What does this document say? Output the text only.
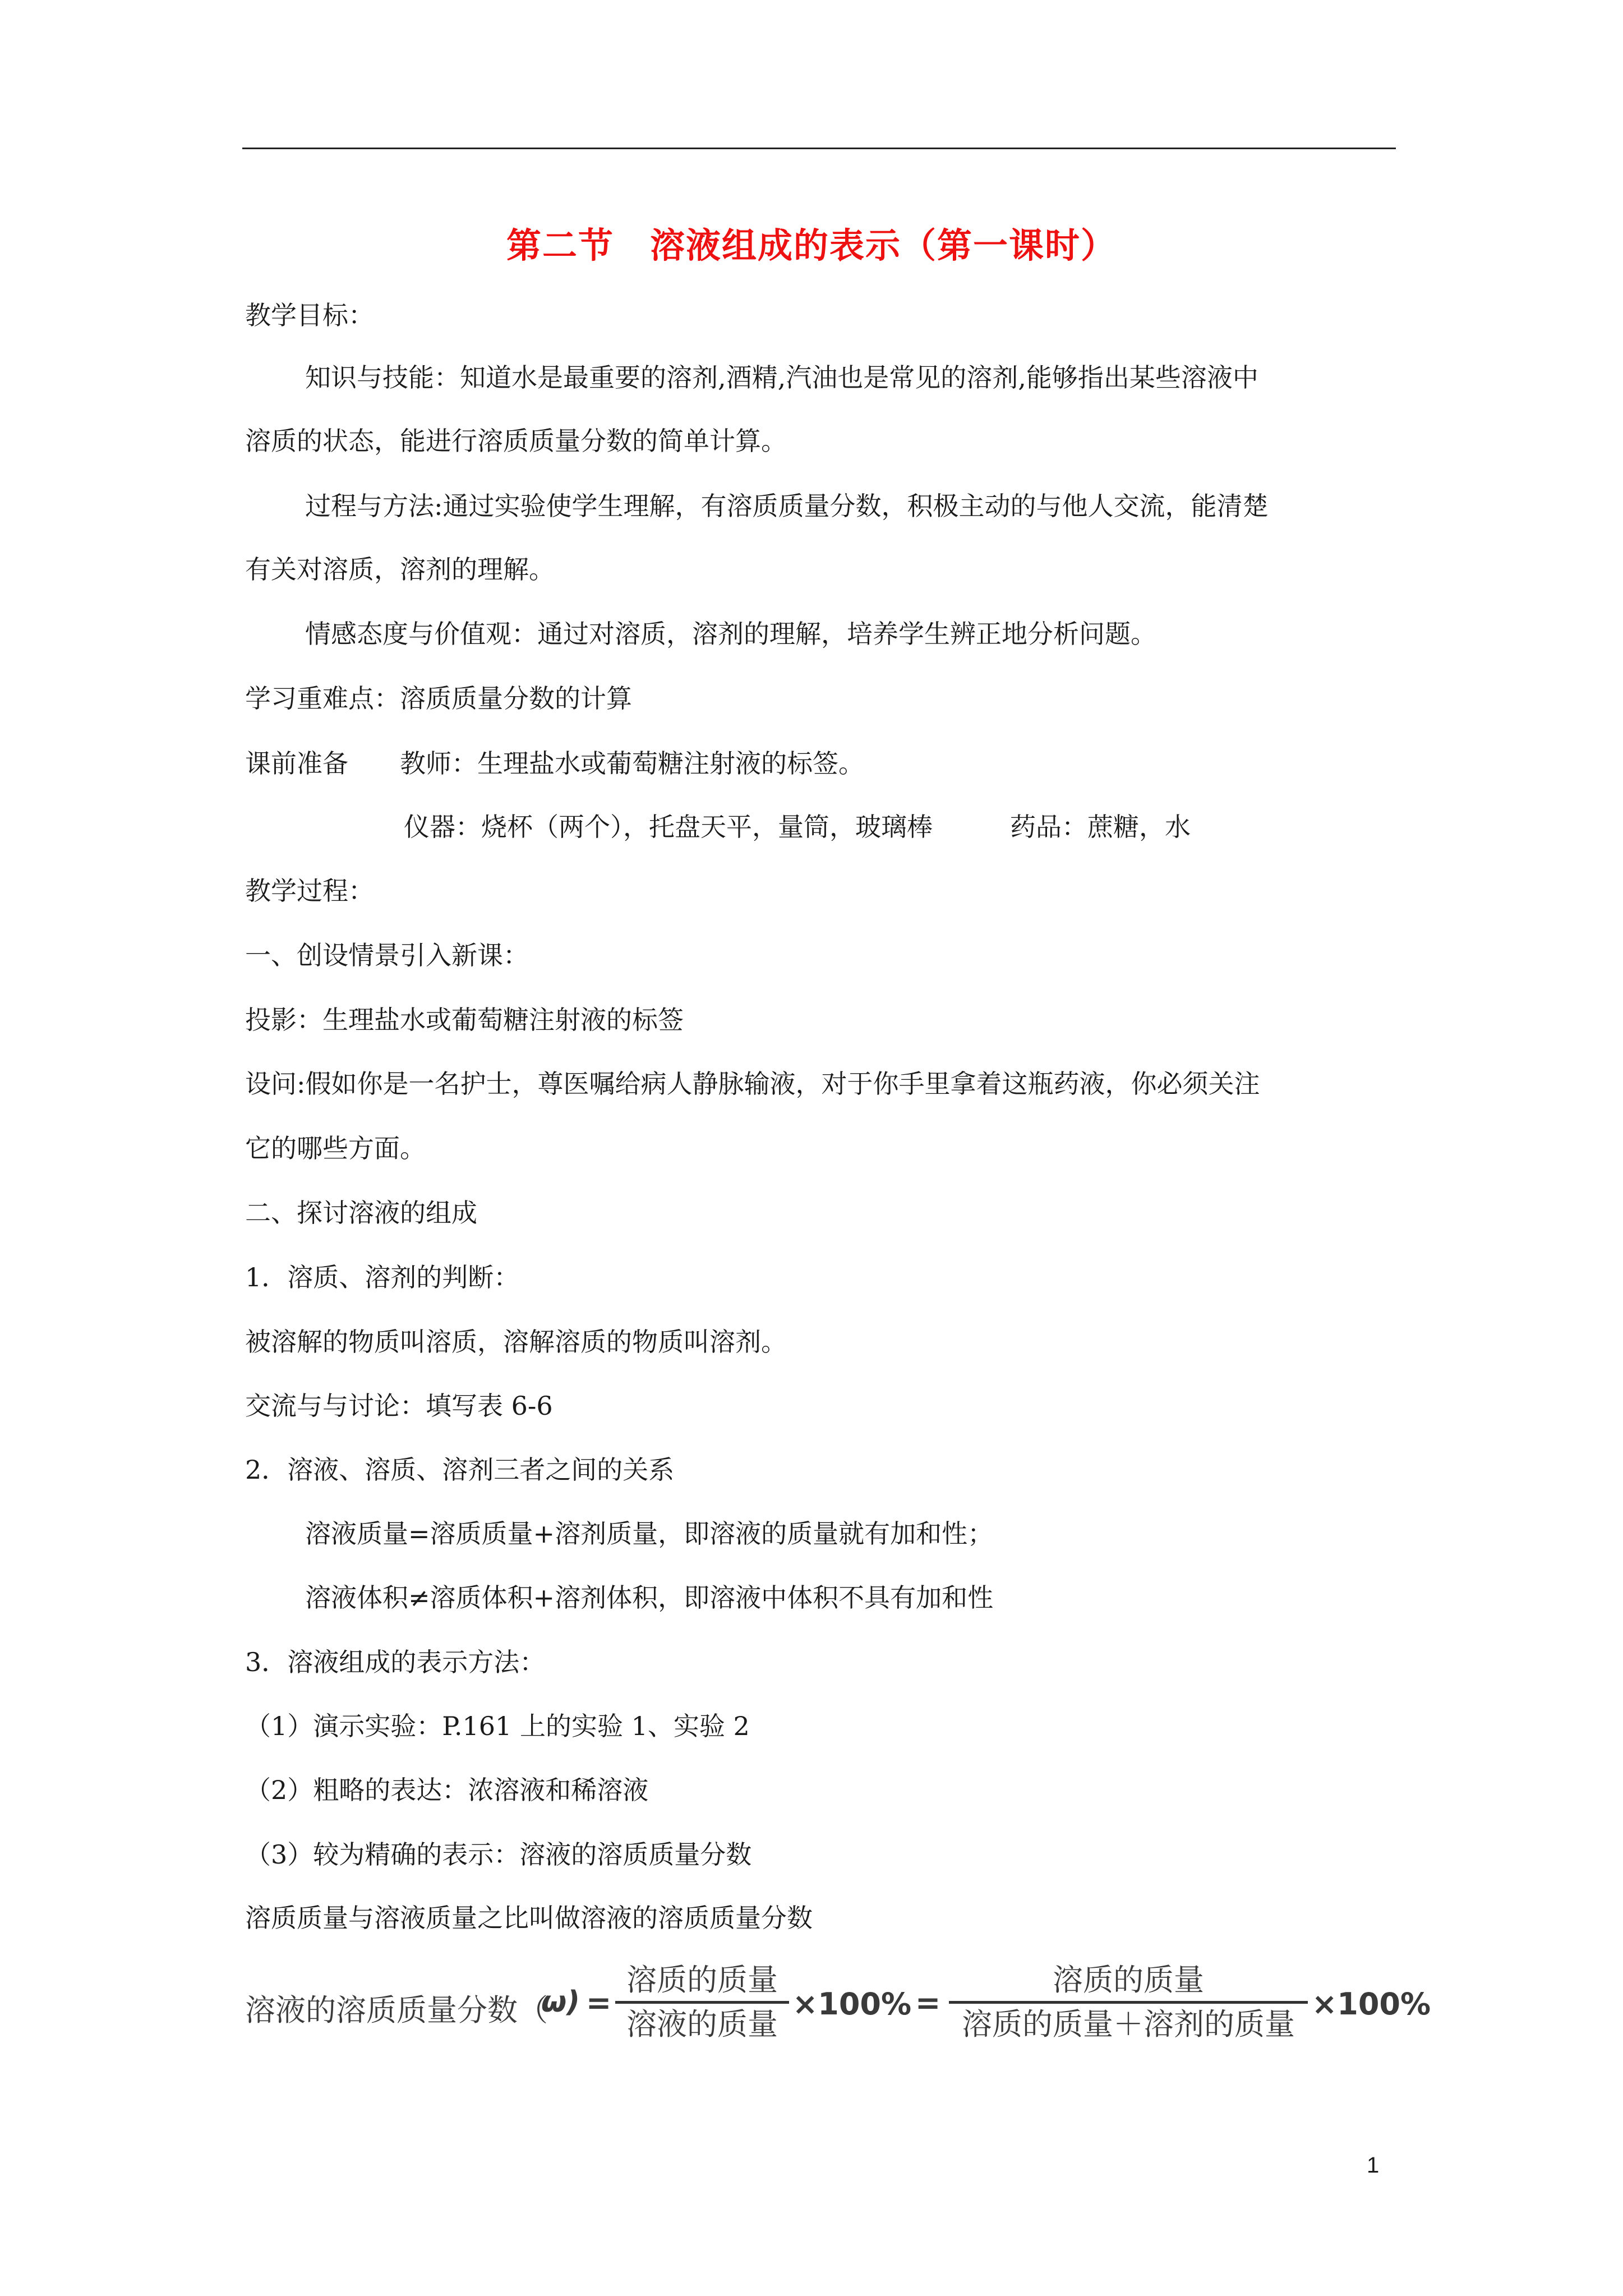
第二节　溶液组成的表示（第一课时）
教学目标：
知识与技能：知道水是最重要的溶剂,酒精,汽油也是常见的溶剂,能够指出某些溶液中
溶质的状态，能进行溶质质量分数的简单计算。
过程与方法:通过实验使学生理解，有溶质质量分数，积极主动的与他人交流，能清楚
有关对溶质，溶剂的理解。
情感态度与价值观：通过对溶质，溶剂的理解，培养学生辨正地分析问题。
学习重难点：溶质质量分数的计算
课前准备　　教师：生理盐水或葡萄糖注射液的标签。
仪器：烧杯（两个），托盘天平，量筒，玻璃棒　　　药品：蔗糖，水
教学过程：
一、创设情景引入新课：
投影：生理盐水或葡萄糖注射液的标签
设问:假如你是一名护士，尊医嘱给病人静脉输液，对于你手里拿着这瓶药液，你必须关注
它的哪些方面。
二、探讨溶液的组成
1．溶质、溶剂的判断：
被溶解的物质叫溶质，溶解溶质的物质叫溶剂。
交流与与讨论：填写表 6-6
2．溶液、溶质、溶剂三者之间的关系
溶液质量=溶质质量+溶剂质量，即溶液的质量就有加和性；
溶液体积≠溶质体积+溶剂体积，即溶液中体积不具有加和性
3．溶液组成的表示方法：
（1）演示实验：P.161 上的实验 1、实验 2
（2）粗略的表达：浓溶液和稀溶液
（3）较为精确的表示：溶液的溶质质量分数
溶质质量与溶液质量之比叫做溶液的溶质质量分数
溶液的溶质质量分数（
ω) =
溶质的质量
溶液的质量
×100% =
溶质的质量
溶质的质量＋溶剂的质量
×100%
1
